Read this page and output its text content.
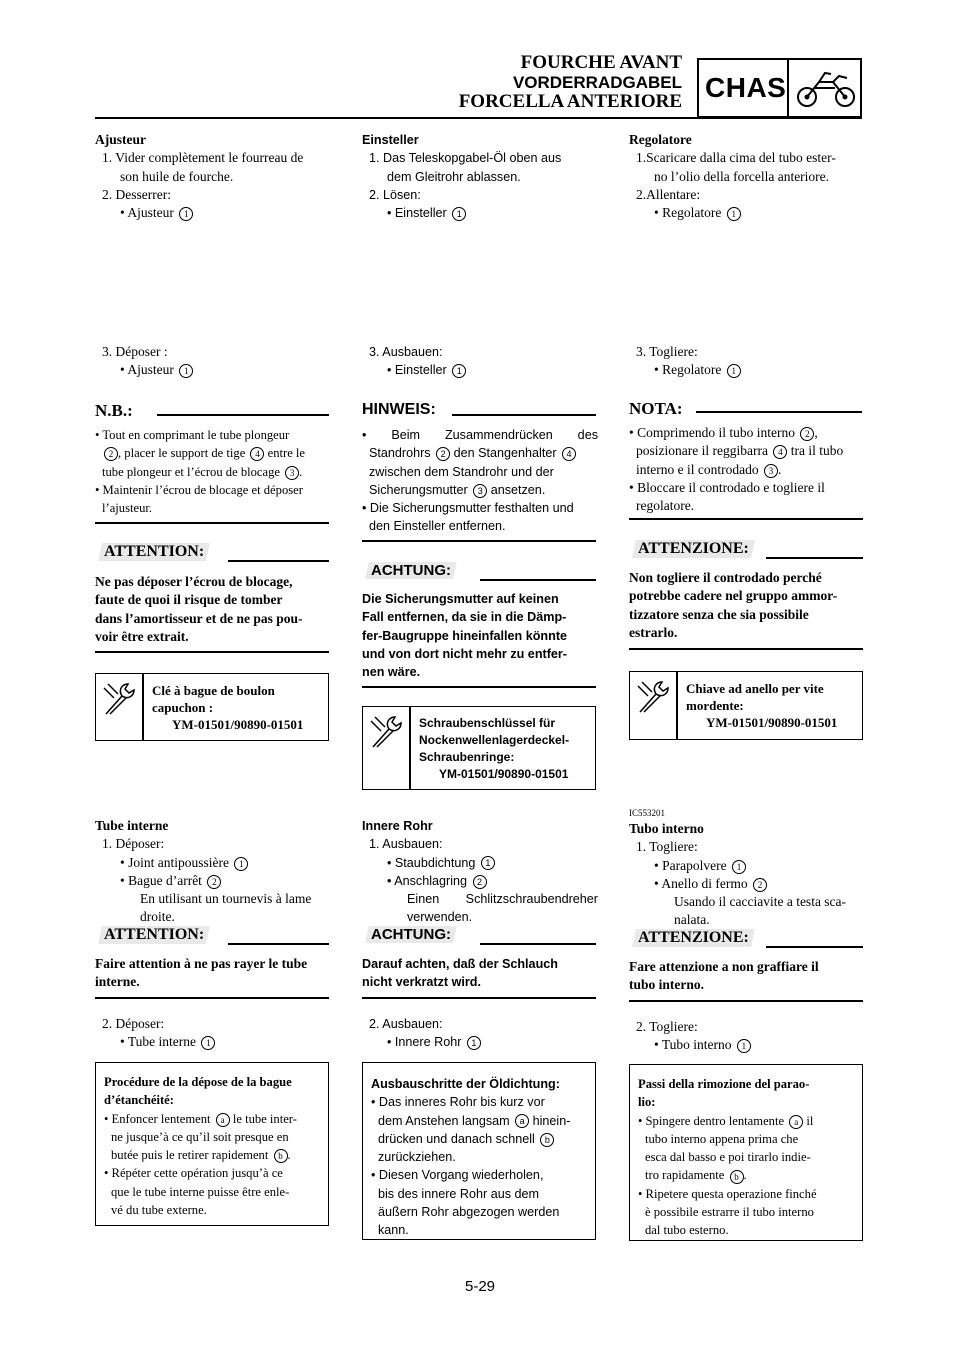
FOURCHE AVANT
VORDERRADGABEL
FORCELLA ANTERIORE CHAS
Ajusteur
1. Vider complètement le fourreau de
son huile de fourche.
2. Desserrer:
• Ajusteur 1
3. Déposer :
• Ajusteur 1
N.B.:
• Tout en comprimant le tube plongeur
2 , placer le support de tige 4 entre le
tube plongeur et l’écrou de blocage 3 .
• Maintenir l’écrou de blocage et déposer
l’ajusteur.
ATTENTION:
Ne pas déposer l’écrou de blocage,
faute de quoi il risque de tomber
dans l’amortisseur et de ne pas pou-
voir être extrait.
Clé à bague de boulon
capuchon :
YM-01501/90890-01501
Tube interne
1. Déposer:
• Joint antipoussière 1
• Bague d’arrêt 2
En utilisant un tournevis à lame
droite.
ATTENTION:
Faire attention à ne pas rayer le tube
interne.
2. Déposer:
• Tube interne 1
Procédure de la dépose de la bague
d’étanchéité:
• Enfoncer lentement a le tube inter-
ne jusque’à ce qu’il soit presque en
butée puis le retirer rapidement b .
• Répéter cette opération jusqu’à ce
que le tube interne puisse être enle-
vé du tube externe.
Einsteller
1. Das Teleskopgabel-Öl oben aus
dem Gleitrohr ablassen.
2. Lösen:
• Einsteller 1
3. Ausbauen:
• Einsteller 1
HINWEIS:
• Beim Zusammendrücken des
Standrohrs 2 den Stangenhalter 4
zwischen dem Standrohr und der
Sicherungsmutter 3 ansetzen.
• Die Sicherungsmutter festhalten und
den Einsteller entfernen.
ACHTUNG:
Die Sicherungsmutter auf keinen
Fall entfernen, da sie in die Dämp-
fer-Baugruppe hineinfallen könnte
und von dort nicht mehr zu entfer-
nen wäre.
Schraubenschlüssel für
Nockenwellenlagerdeckel-
Schraubenringe:
YM-01501/90890-01501
Innere Rohr
1. Ausbauen:
• Staubdichtung 1
• Anschlagring 2
Einen Schlitzschraubendreher
verwenden.
ACHTUNG:
Darauf achten, daß der Schlauch
nicht verkratzt wird.
2. Ausbauen:
• Innere Rohr 1
Ausbauschritte der Öldichtung:
• Das inneres Rohr bis kurz vor
dem Anstehen langsam a hinein-
drücken und danach schnell b
zurückziehen.
• Diesen Vorgang wiederholen,
bis des innere Rohr aus dem
äußern Rohr abgezogen werden
kann.
Regolatore
1.Scaricare dalla cima del tubo ester-
no l’olio della forcella anteriore.
2.Allentare:
• Regolatore 1
3. Togliere:
• Regolatore 1
NOTA:
• Comprimendo il tubo interno 2 ,
posizionare il reggibarra 4 tra il tubo
interno e il controdado 3 .
• Bloccare il controdado e togliere il
regolatore.
ATTENZIONE:
Non togliere il controdado perché
potrebbe cadere nel gruppo ammor-
tizzatore senza che sia possibile
estrarlo.
Chiave ad anello per vite
mordente:
YM-01501/90890-01501
IC553201
Tubo interno
1. Togliere:
• Parapolvere 1
• Anello di fermo 2
Usando il cacciavite a testa sca-
nalata.
ATTENZIONE:
Fare attenzione a non graffiare il
tubo interno.
2. Togliere:
• Tubo interno 1
Passi della rimozione del parao-
lio:
• Spingere dentro lentamente a il
tubo interno appena prima che
esca dal basso e poi tirarlo indie-
tro rapidamente b .
• Ripetere questa operazione finché
è possibile estrarre il tubo interno
dal tubo esterno.
5-29
